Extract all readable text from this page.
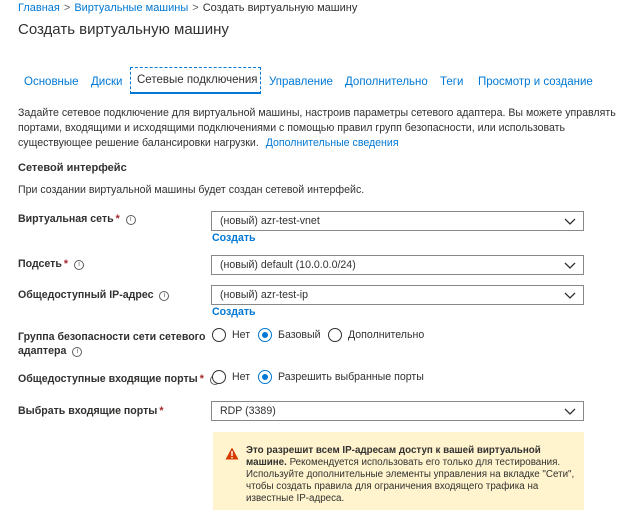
Главная > Виртуальные машины > Создать виртуальную машину
Создать виртуальную машину
Основные Диски	Сетевые подключения Управление Дополнительно Теги Просмотр и создание
Задайте сетевое подключение для виртуальной машины, настроив параметры сетевого адаптера. Вы можете управлять портами, входящими и исходящими подключениями с помощью правил групп безопасности, или использовать существующее решение балансировки нагрузки. Дополнительные сведения
Сетевой интерфейс
При создании виртуальной машины будет создан сетевой интерфейс.
Виртуальная сеть * i	(новый) azr-test-vnet
Создать
Подсеть * i	(новый) default (10.0.0.0/24)
Общедоступный IP-адрес i	(новый) azr-test-ip
Создать
Группа безопасности сети сетевого
адаптера i
Нет	Базовый	Дополнительно
Общедоступные входящие порты *	Нет	Разрешить выбранные порты
Выбрать входящие порты *	RDP (3389)
Это разрешит всем IP-адресам доступ к вашей виртуальной машине. Рекомендуется использовать его только для тестирования. Используйте дополнительные элементы управления на вкладке "Сети", чтобы создать правила для ограничения входящего трафика на известные IP-адреса.
